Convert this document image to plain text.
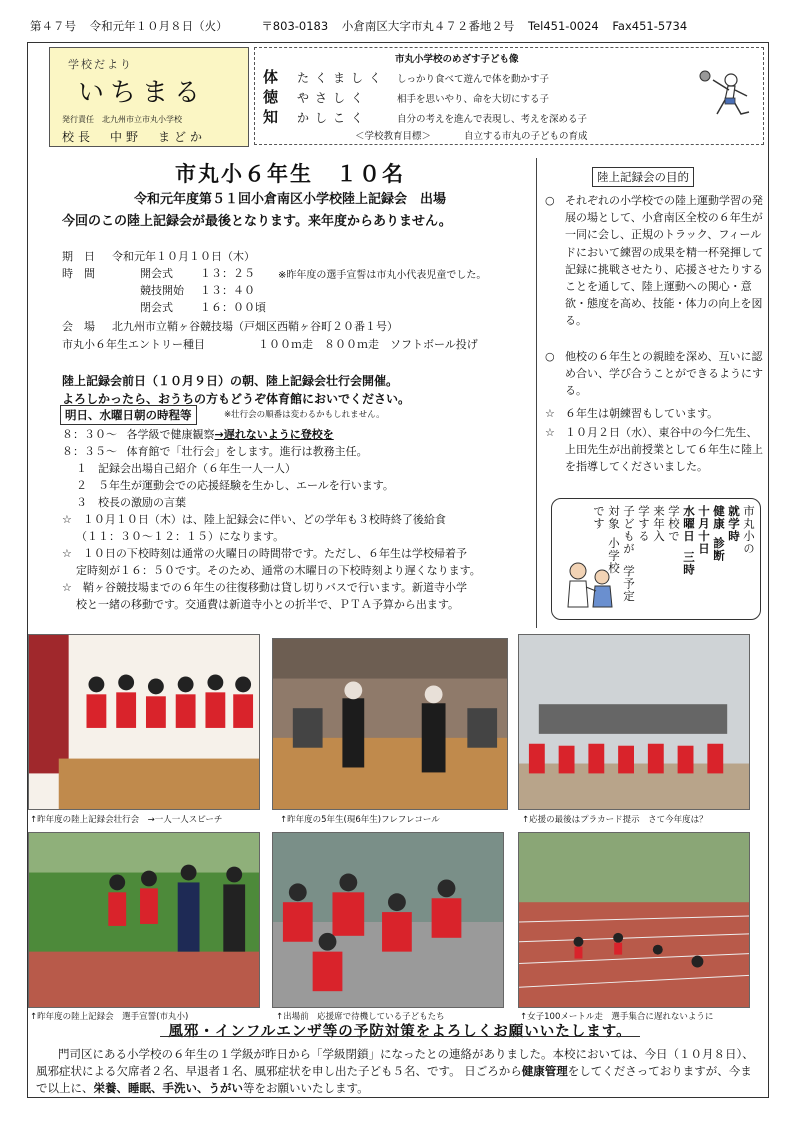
第４７号 令和元年１０月８日（火）	〒803-0183 小倉南区大字市丸４７２番地２号 Tel451-0024 Fax451-5734
学校だより
いちまる
発行責任　北九州市立市丸小学校
校長　中野　まどか
市丸小学校のめざす子ども像
体 たくましく しっかり食べて遊んで体を動かす子
徳 やさしく	相手を思いやり、命を大切にする子
知 かしこく	自分の考えを進んで表現し、考えを深める子
＜学校教育目標＞	自立する市丸の子どもの育成
市丸小６年生　１０名
令和元年度第５１回小倉南区小学校陸上記録会　出場
今回のこの陸上記録会が最後となります。来年度からありません。
期　日 令和元年１０月１０日（木）
時　間	開会式 １３：２５ ※昨年度の選手宣誓は市丸小代表児童でした。
競技開始 １３：４０
閉会式 １６：００頃
会　場 北九州市立鞘ヶ谷競技場（戸畑区西鞘ヶ谷町２０番１号）
市丸小６年生エントリー種目	１００ｍ走　８００ｍ走　ソフトボール投げ
陸上記録会前日（１０月９日）の朝、陸上記録会壮行会開催。
よろしかったら、おうちの方もどうぞ体育館においでください。
明日、水曜日朝の時程等	※壮行会の順番は変わるかもしれません。
８：３０～ 各学級で健康観察→遅れないように登校を
８：３５～ 体育館で「壮行会」をします。進行は教務主任。
１　記録会出場自己紹介（６年生一人一人）
２　５年生が運動会での応援経験を生かし、エールを行います。
３　校長の激励の言葉
☆　１０月１０日（木）は、陸上記録会に伴い、どの学年も３校時終了後給食
（１１：３０～１２：１５）になります。
☆　１０日の下校時刻は通常の火曜日の時間帯です。ただし、６年生は学校帰着予
定時刻が１６：５０です。そのため、通常の木曜日の下校時刻より遅くなります。
☆　鞘ヶ谷競技場までの６年生の往復移動は貸し切りバスで行います。新道寺小学
校と一緒の移動です。交通費は新道寺小との折半で、ＰＴＡ予算から出ます。
陸上記録会の目的
○ それぞれの小学校での陸上運動学習の発展の場として、小倉南区全校の６年生が一同に会し、正規のトラック、フィールドにおいて練習の成果を精一杯発揮して記録に挑戦させたり、応援させたりすることを通して、陸上運動への関心・意欲・態度を高め、技能・体力の向上を図る。
○ 他校の６年生との親睦を深め、互いに認め合い、学び合うことができるようにする。
☆ ６年生は朝練習もしています。
☆ １０月２日（水）、東谷中の今仁先生、上田先生が出前授業として６年生に陸上を指導してくださいました。
市丸小の
就学時
健康
診断
十月十日
水曜日
三時
学校で
来年入
学する
子どもが
対象
学予定
小学校
です
↑昨年度の陸上記録会壮行会　→一人一人スピーチ	↑昨年度の5年生(現6年生)フレフレコール	↑応援の最後はプラカード提示　さて今年度は？
↑昨年度の陸上記録会　選手宣誓(市丸小)	↑出場前　応援席で待機している子どもたち	↑女子100メートル走　選手集合に遅れないように
風邪・インフルエンザ等の予防対策をよろしくお願いいたします。
門司区にある小学校の６年生の１学級が昨日から「学級閉鎖」になったとの連絡がありました。本校においては、今日（１０月８日）、風邪症状による欠席者２名、早退者１名、風邪症状を申し出た子ども５名、です。 日ごろから健康管理をしてくださっておりますが、今まで以上に、栄養、睡眠、手洗い、うがい等をお願いいたします。
